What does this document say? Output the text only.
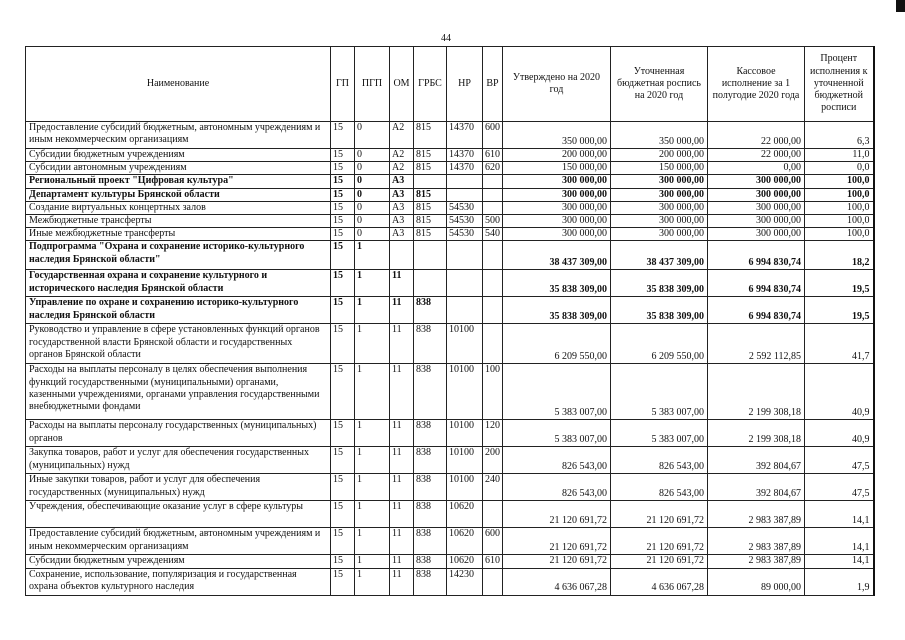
44
Наименование	ГП	ПГП	ОМ	ГРБС	НР	ВР	Утверждено на 2020 год	Уточненная бюджетная роспись на 2020 год	Кассовое исполнение за 1 полугодие 2020 года	Процент исполнения к уточненной бюджетной росписи
Предоставление субсидий бюджетным, автономным учреждениям и иным некоммерческим организациям	15	0	А2	815	14370	600	350 000,00	350 000,00	22 000,00	6,3
Субсидии бюджетным учреждениям	15	0	А2	815	14370	610	200 000,00	200 000,00	22 000,00	11,0
Субсидии автономным учреждениям	15	0	А2	815	14370	620	150 000,00	150 000,00	0,00	0,0
Региональный проект "Цифровая культура"	15	0	А3				300 000,00	300 000,00	300 000,00	100,0
Департамент культуры Брянской области	15	0	А3	815			300 000,00	300 000,00	300 000,00	100,0
Создание виртуальных концертных залов	15	0	А3	815	54530		300 000,00	300 000,00	300 000,00	100,0
Межбюджетные трансферты	15	0	А3	815	54530	500	300 000,00	300 000,00	300 000,00	100,0
Иные межбюджетные трансферты	15	0	А3	815	54530	540	300 000,00	300 000,00	300 000,00	100,0
Подпрограмма "Охрана и сохранение историко-культурного наследия Брянской области"	15	1					38 437 309,00	38 437 309,00	6 994 830,74	18,2
Государственная охрана и сохранение культурного и исторического наследия Брянской области	15	1	11				35 838 309,00	35 838 309,00	6 994 830,74	19,5
Управление по охране и сохранению историко-культурного наследия Брянской области	15	1	11	838			35 838 309,00	35 838 309,00	6 994 830,74	19,5
Руководство и управление в сфере установленных функций органов государственной власти Брянской области и государственных органов Брянской области	15	1	11	838	10100		6 209 550,00	6 209 550,00	2 592 112,85	41,7
Расходы на выплаты персоналу в целях обеспечения выполнения функций государственными (муниципальными) органами, казенными учреждениями, органами управления государственными внебюджетными фондами	15	1	11	838	10100	100	5 383 007,00	5 383 007,00	2 199 308,18	40,9
Расходы на выплаты персоналу государственных (муниципальных) органов	15	1	11	838	10100	120	5 383 007,00	5 383 007,00	2 199 308,18	40,9
Закупка товаров, работ и услуг для обеспечения государственных (муниципальных) нужд	15	1	11	838	10100	200	826 543,00	826 543,00	392 804,67	47,5
Иные закупки товаров, работ и услуг для обеспечения государственных (муниципальных) нужд	15	1	11	838	10100	240	826 543,00	826 543,00	392 804,67	47,5
Учреждения, обеспечивающие оказание услуг в сфере культуры	15	1	11	838	10620		21 120 691,72	21 120 691,72	2 983 387,89	14,1
Предоставление субсидий бюджетным, автономным учреждениям и иным некоммерческим организациям	15	1	11	838	10620	600	21 120 691,72	21 120 691,72	2 983 387,89	14,1
Субсидии бюджетным учреждениям	15	1	11	838	10620	610	21 120 691,72	21 120 691,72	2 983 387,89	14,1
Сохранение, использование, популяризация и государственная охрана объектов культурного наследия	15	1	11	838	14230		4 636 067,28	4 636 067,28	89 000,00	1,9
